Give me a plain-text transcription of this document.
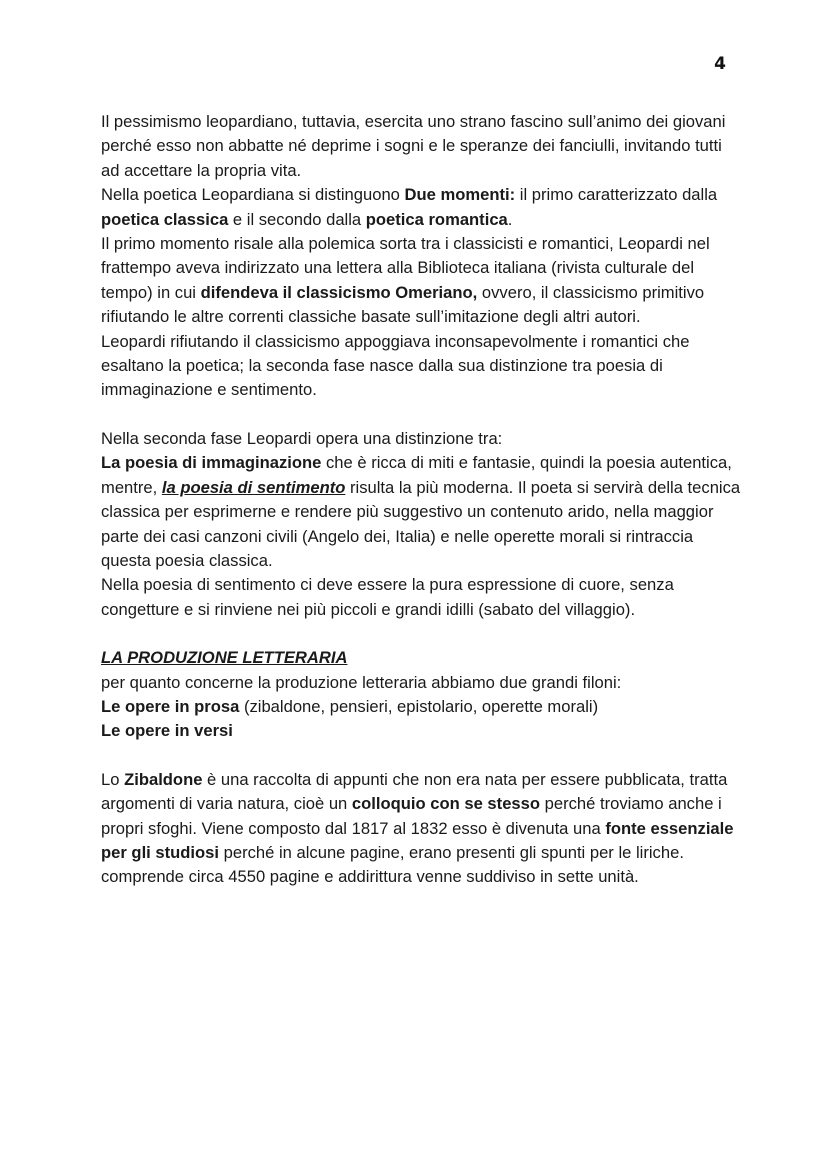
4

Il pessimismo leopardiano, tuttavia, esercita uno strano fascino sull’animo dei giovani perché esso non abbatte né deprime i sogni e le speranze dei fanciulli, invitando tutti ad accettare la propria vita.

Nella poetica Leopardiana si distinguono Due momenti: il primo caratterizzato dalla poetica classica e il secondo dalla poetica romantica.

Il primo momento risale alla polemica sorta tra i classicisti e romantici, Leopardi nel frattempo aveva indirizzato una lettera alla Biblioteca italiana (rivista culturale del tempo) in cui difendeva il classicismo Omeriano, ovvero, il classicismo primitivo rifiutando le altre correnti classiche basate sull’imitazione degli altri autori.

Leopardi rifiutando il classicismo appoggiava inconsapevolmente i romantici che esaltano la poetica; la seconda fase nasce dalla sua distinzione tra poesia di immaginazione e sentimento.

Nella seconda fase Leopardi opera una distinzione tra:

La poesia di immaginazione che è ricca di miti e fantasie, quindi la poesia autentica, mentre, la poesia di sentimento risulta la più moderna. Il poeta si servirà della tecnica classica per esprimerne e rendere più suggestivo un contenuto arido, nella maggior parte dei casi canzoni civili (Angelo dei, Italia) e nelle operette morali si rintraccia questa poesia classica.

Nella poesia di sentimento ci deve essere la pura espressione di cuore, senza congetture e si rinviene nei più piccoli e grandi idilli (sabato del villaggio).

LA PRODUZIONE LETTERARIA

per quanto concerne la produzione letteraria abbiamo due grandi filoni:

Le opere in prosa (zibaldone, pensieri, epistolario, operette morali)

Le opere in versi

Lo Zibaldone è una raccolta di appunti che non era nata per essere pubblicata, tratta argomenti di varia natura, cioè un colloquio con se stesso perché troviamo anche i propri sfoghi. Viene composto dal 1817 al 1832 esso è divenuta una fonte essenziale per gli studiosi perché in alcune pagine, erano presenti gli spunti per le liriche. comprende circa 4550 pagine e addirittura venne suddiviso in sette unità.
